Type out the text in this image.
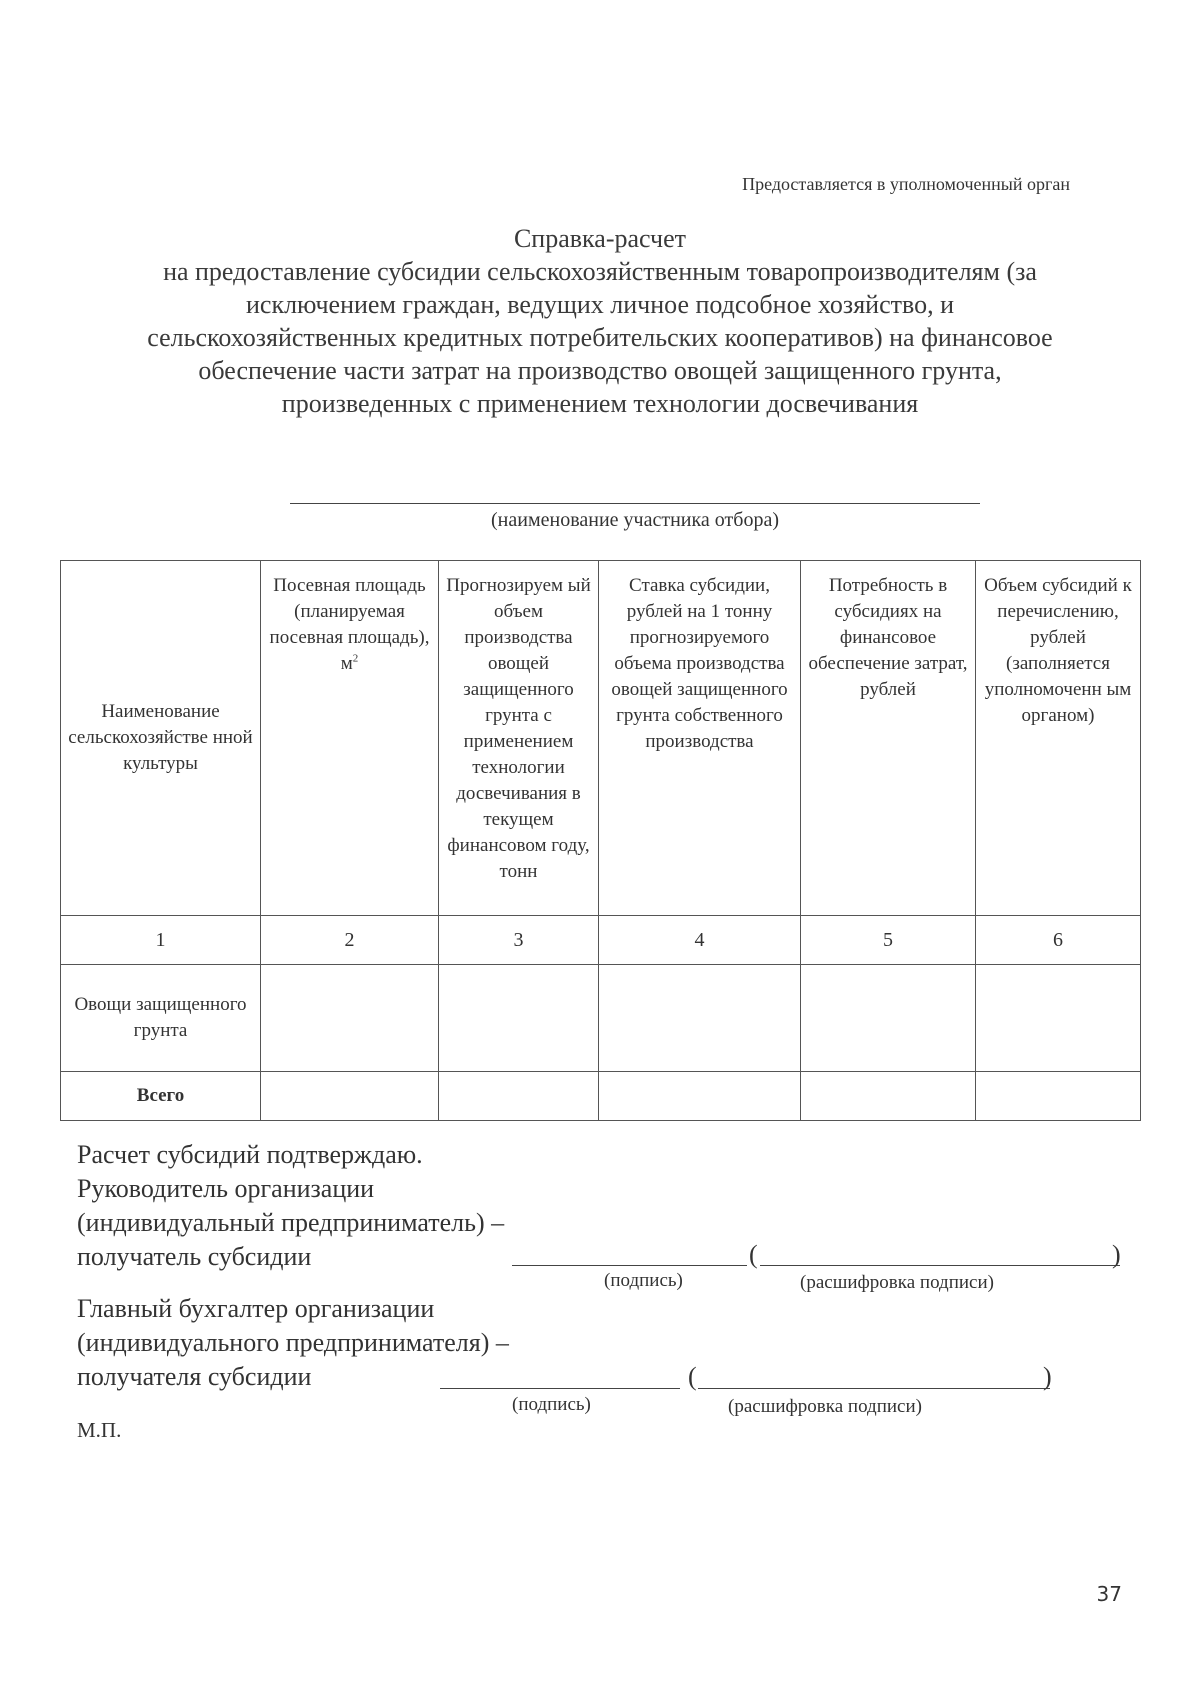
Предоставляется в уполномоченный орган
Справка-расчет
на предоставление субсидии сельскохозяйственным товаропроизводителям (за
исключением граждан, ведущих личное подсобное хозяйство, и
сельскохозяйственных кредитных потребительских кооперативов) на финансовое
обеспечение части затрат на производство овощей защищенного грунта,
произведенных с применением технологии досвечивания
(наименование участника отбора)
Наименование сельскохозяйстве нной культуры	Посевная площадь (планируемая посевная площадь), $м^2$	Прогнозируем ый объем производства овощей защищенного грунта с применением технологии досвечивания в текущем финансовом году, тонн	Ставка субсидии, рублей на 1 тонну прогнозируемого объема производства овощей защищенного грунта собственного производства	Потребность в субсидиях на финансовое обеспечение затрат, рублей	Объем субсидий к перечислению, рублей (заполняется уполномоченн ым органом)
1	2	3	4	5	6
Овощи защищенного грунта					
Всего					
Расчет субсидий подтверждаю.
Руководитель организации
(индивидуальный предприниматель) –
получатель субсидии	(	)
(подпись)	(расшифровка подписи)
Главный бухгалтер организации
(индивидуального предпринимателя) –
получателя субсидии	(	)
(подпись)	(расшифровка подписи)
М.П.
37
